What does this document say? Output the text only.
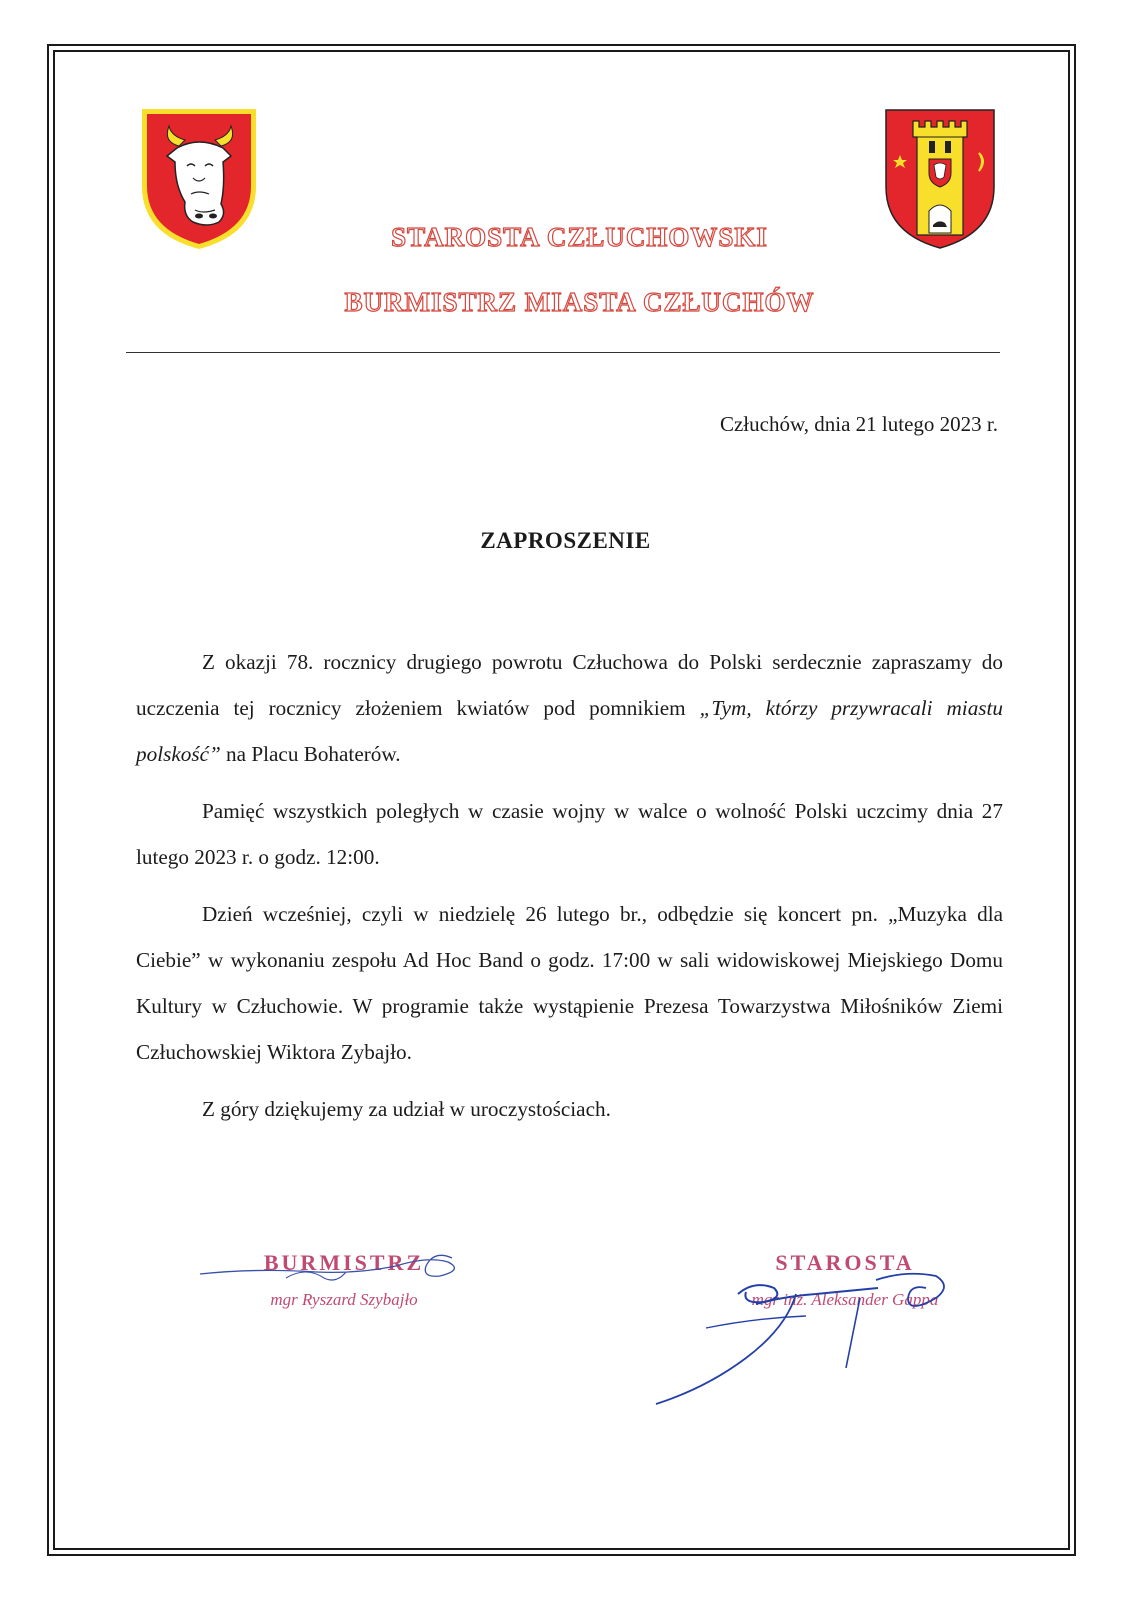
STAROSTA CZŁUCHOWSKI
BURMISTRZ MIASTA CZŁUCHÓW
Człuchów, dnia 21 lutego 2023 r.
ZAPROSZENIE

Z okazji 78. rocznicy drugiego powrotu Człuchowa do Polski serdecznie zapraszamy do uczczenia tej rocznicy złożeniem kwiatów pod pomnikiem „Tym, którzy przywracali miastu polskość” na Placu Bohaterów.

Pamięć wszystkich poległych w czasie wojny w walce o wolność Polski uczcimy dnia 27 lutego 2023 r. o godz. 12:00.

Dzień wcześniej, czyli w niedzielę 26 lutego br., odbędzie się koncert pn. „Muzyka dla Ciebie” w wykonaniu zespołu Ad Hoc Band o godz. 17:00 w sali widowiskowej Miejskiego Domu Kultury w Człuchowie. W programie także wystąpienie Prezesa Towarzystwa Miłośników Ziemi Człuchowskiej Wiktora Zybajło.

Z góry dziękujemy za udział w uroczystościach.

BURMISTRZ
mgr Ryszard Szybajło
STAROSTA
mgr inż. Aleksander Gappa
